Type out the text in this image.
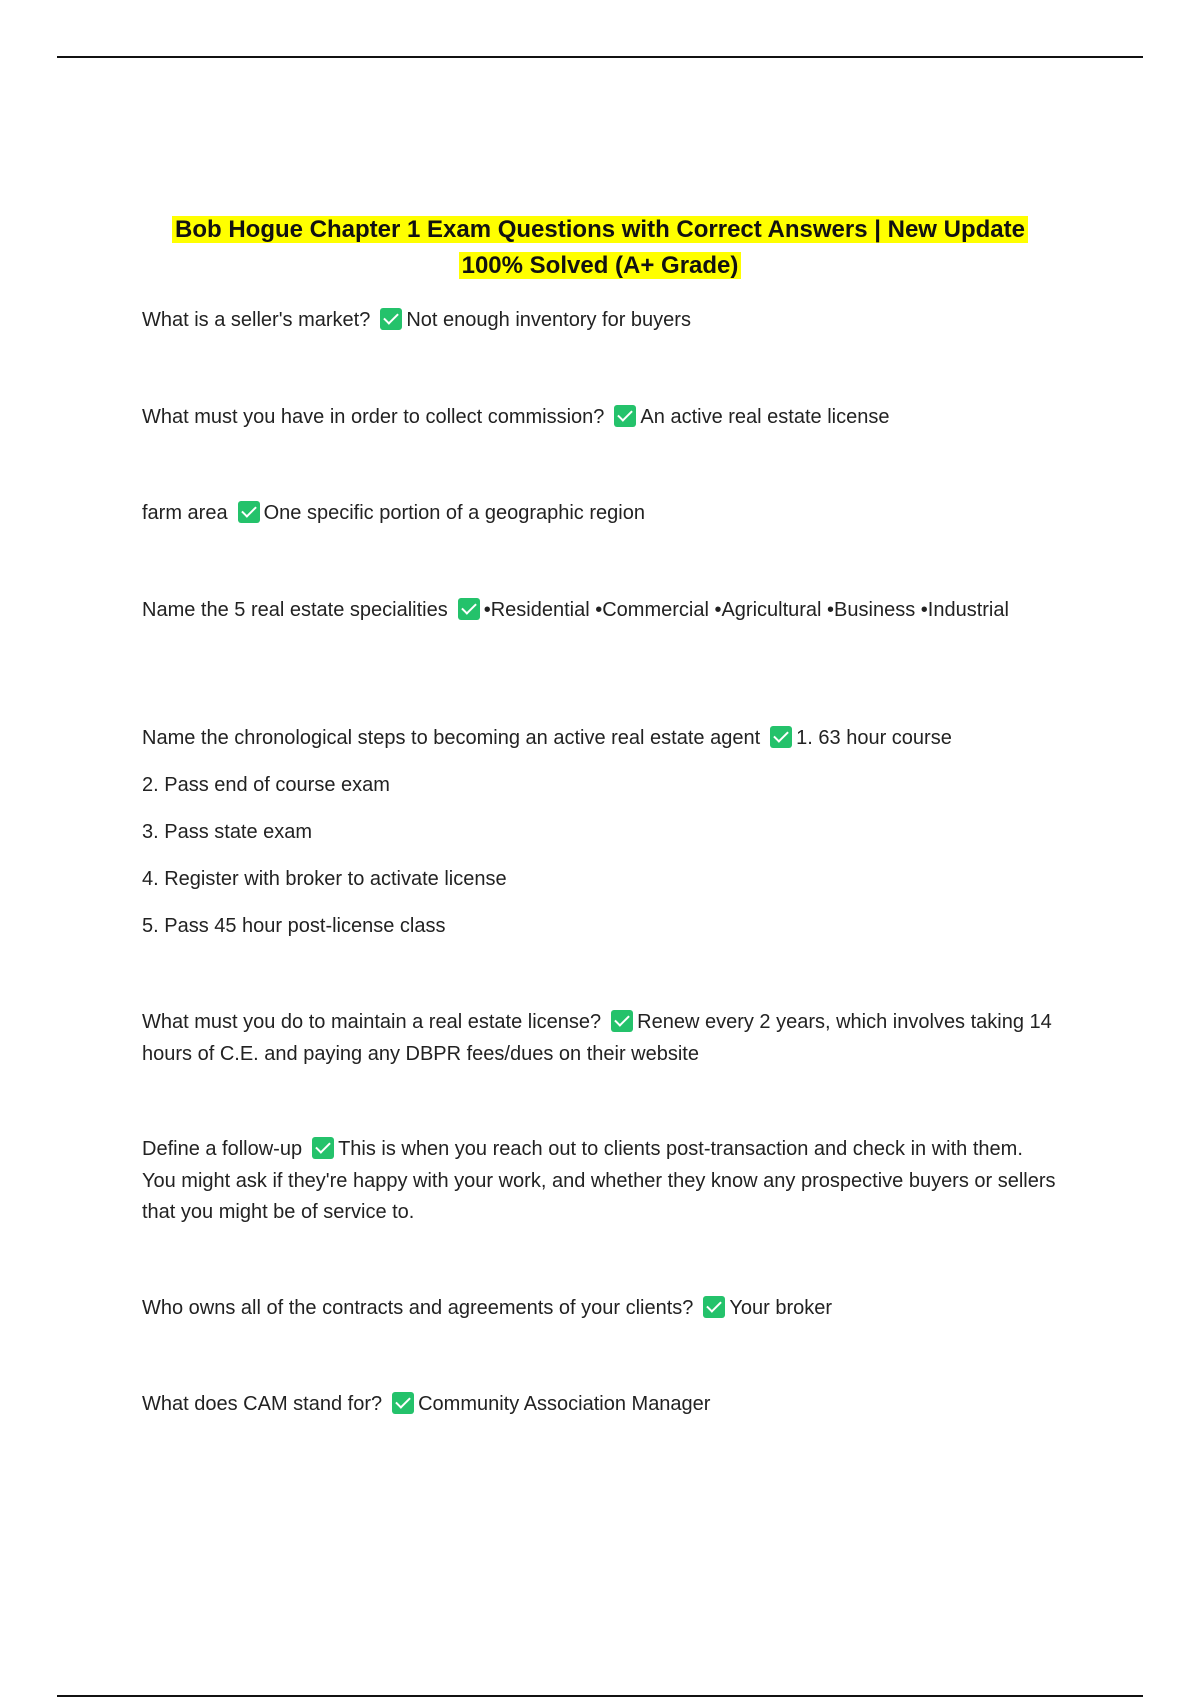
Bob Hogue Chapter 1 Exam Questions with Correct Answers | New Update
100% Solved (A+ Grade)
What is a seller's market? Not enough inventory for buyers
What must you have in order to collect commission? An active real estate license
farm area One specific portion of a geographic region
Name the 5 real estate specialities •Residential •Commercial •Agricultural •Business •Industrial
Name the chronological steps to becoming an active real estate agent 1. 63 hour course
2. Pass end of course exam
3. Pass state exam
4. Register with broker to activate license
5. Pass 45 hour post-license class
What must you do to maintain a real estate license? Renew every 2 years, which involves taking 14 hours of C.E. and paying any DBPR fees/dues on their website
Define a follow-up This is when you reach out to clients post-transaction and check in with them. You might ask if they're happy with your work, and whether they know any prospective buyers or sellers that you might be of service to.
Who owns all of the contracts and agreements of your clients? Your broker
What does CAM stand for? Community Association Manager
